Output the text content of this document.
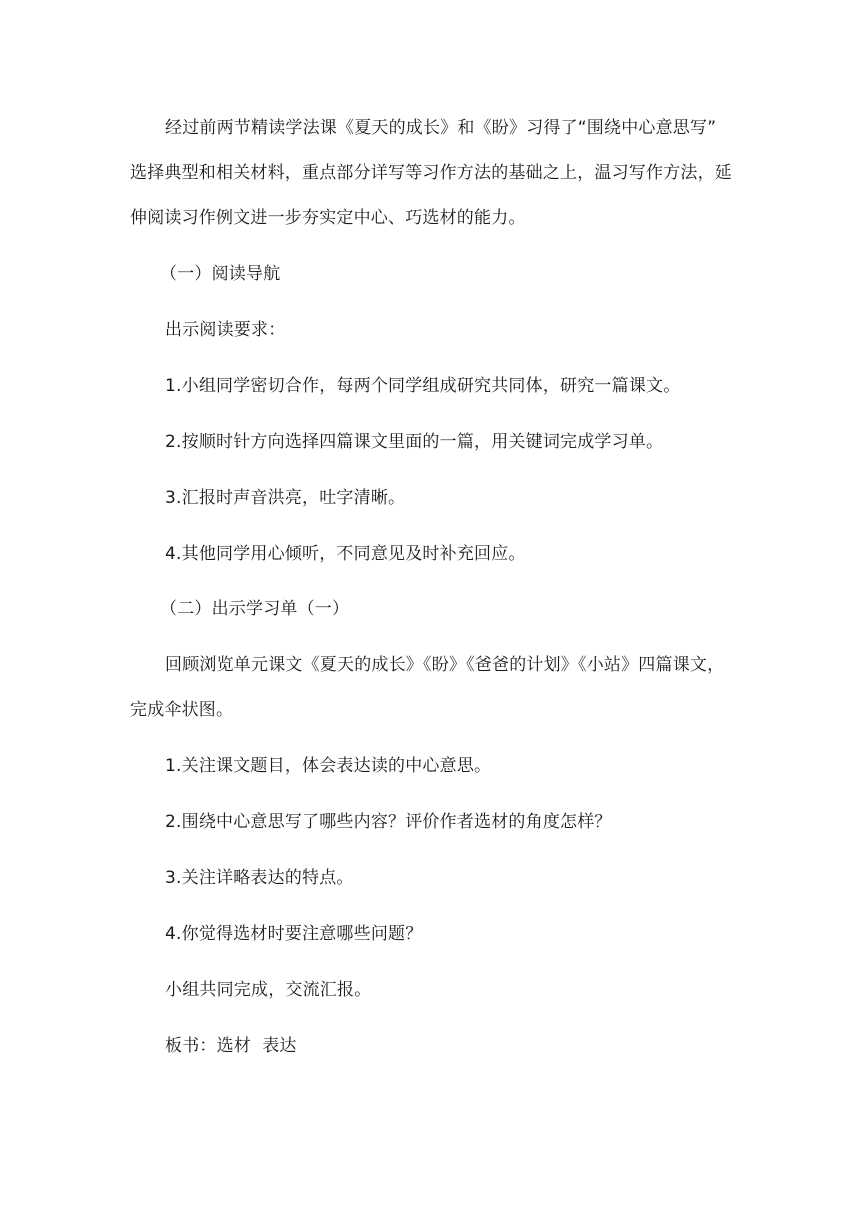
经过前两节精读学法课《夏天的成长》和《盼》习得了“围绕中心意思写”
选择典型和相关材料，重点部分详写等习作方法的基础之上，温习写作方法，延
伸阅读习作例文进一步夯实定中心、巧选材的能力。
（一）阅读导航
出示阅读要求：
1.小组同学密切合作，每两个同学组成研究共同体，研究一篇课文。
2.按顺时针方向选择四篇课文里面的一篇，用关键词完成学习单。
3.汇报时声音洪亮，吐字清晰。
4.其他同学用心倾听，不同意见及时补充回应。
（二）出示学习单（一）
回顾浏览单元课文《夏天的成长》《盼》《爸爸的计划》《小站》四篇课文，
完成伞状图。
1.关注课文题目，体会表达读的中心意思。
2.围绕中心意思写了哪些内容？评价作者选材的角度怎样？
3.关注详略表达的特点。
4.你觉得选材时要注意哪些问题？
小组共同完成，交流汇报。
板书：选材  表达
